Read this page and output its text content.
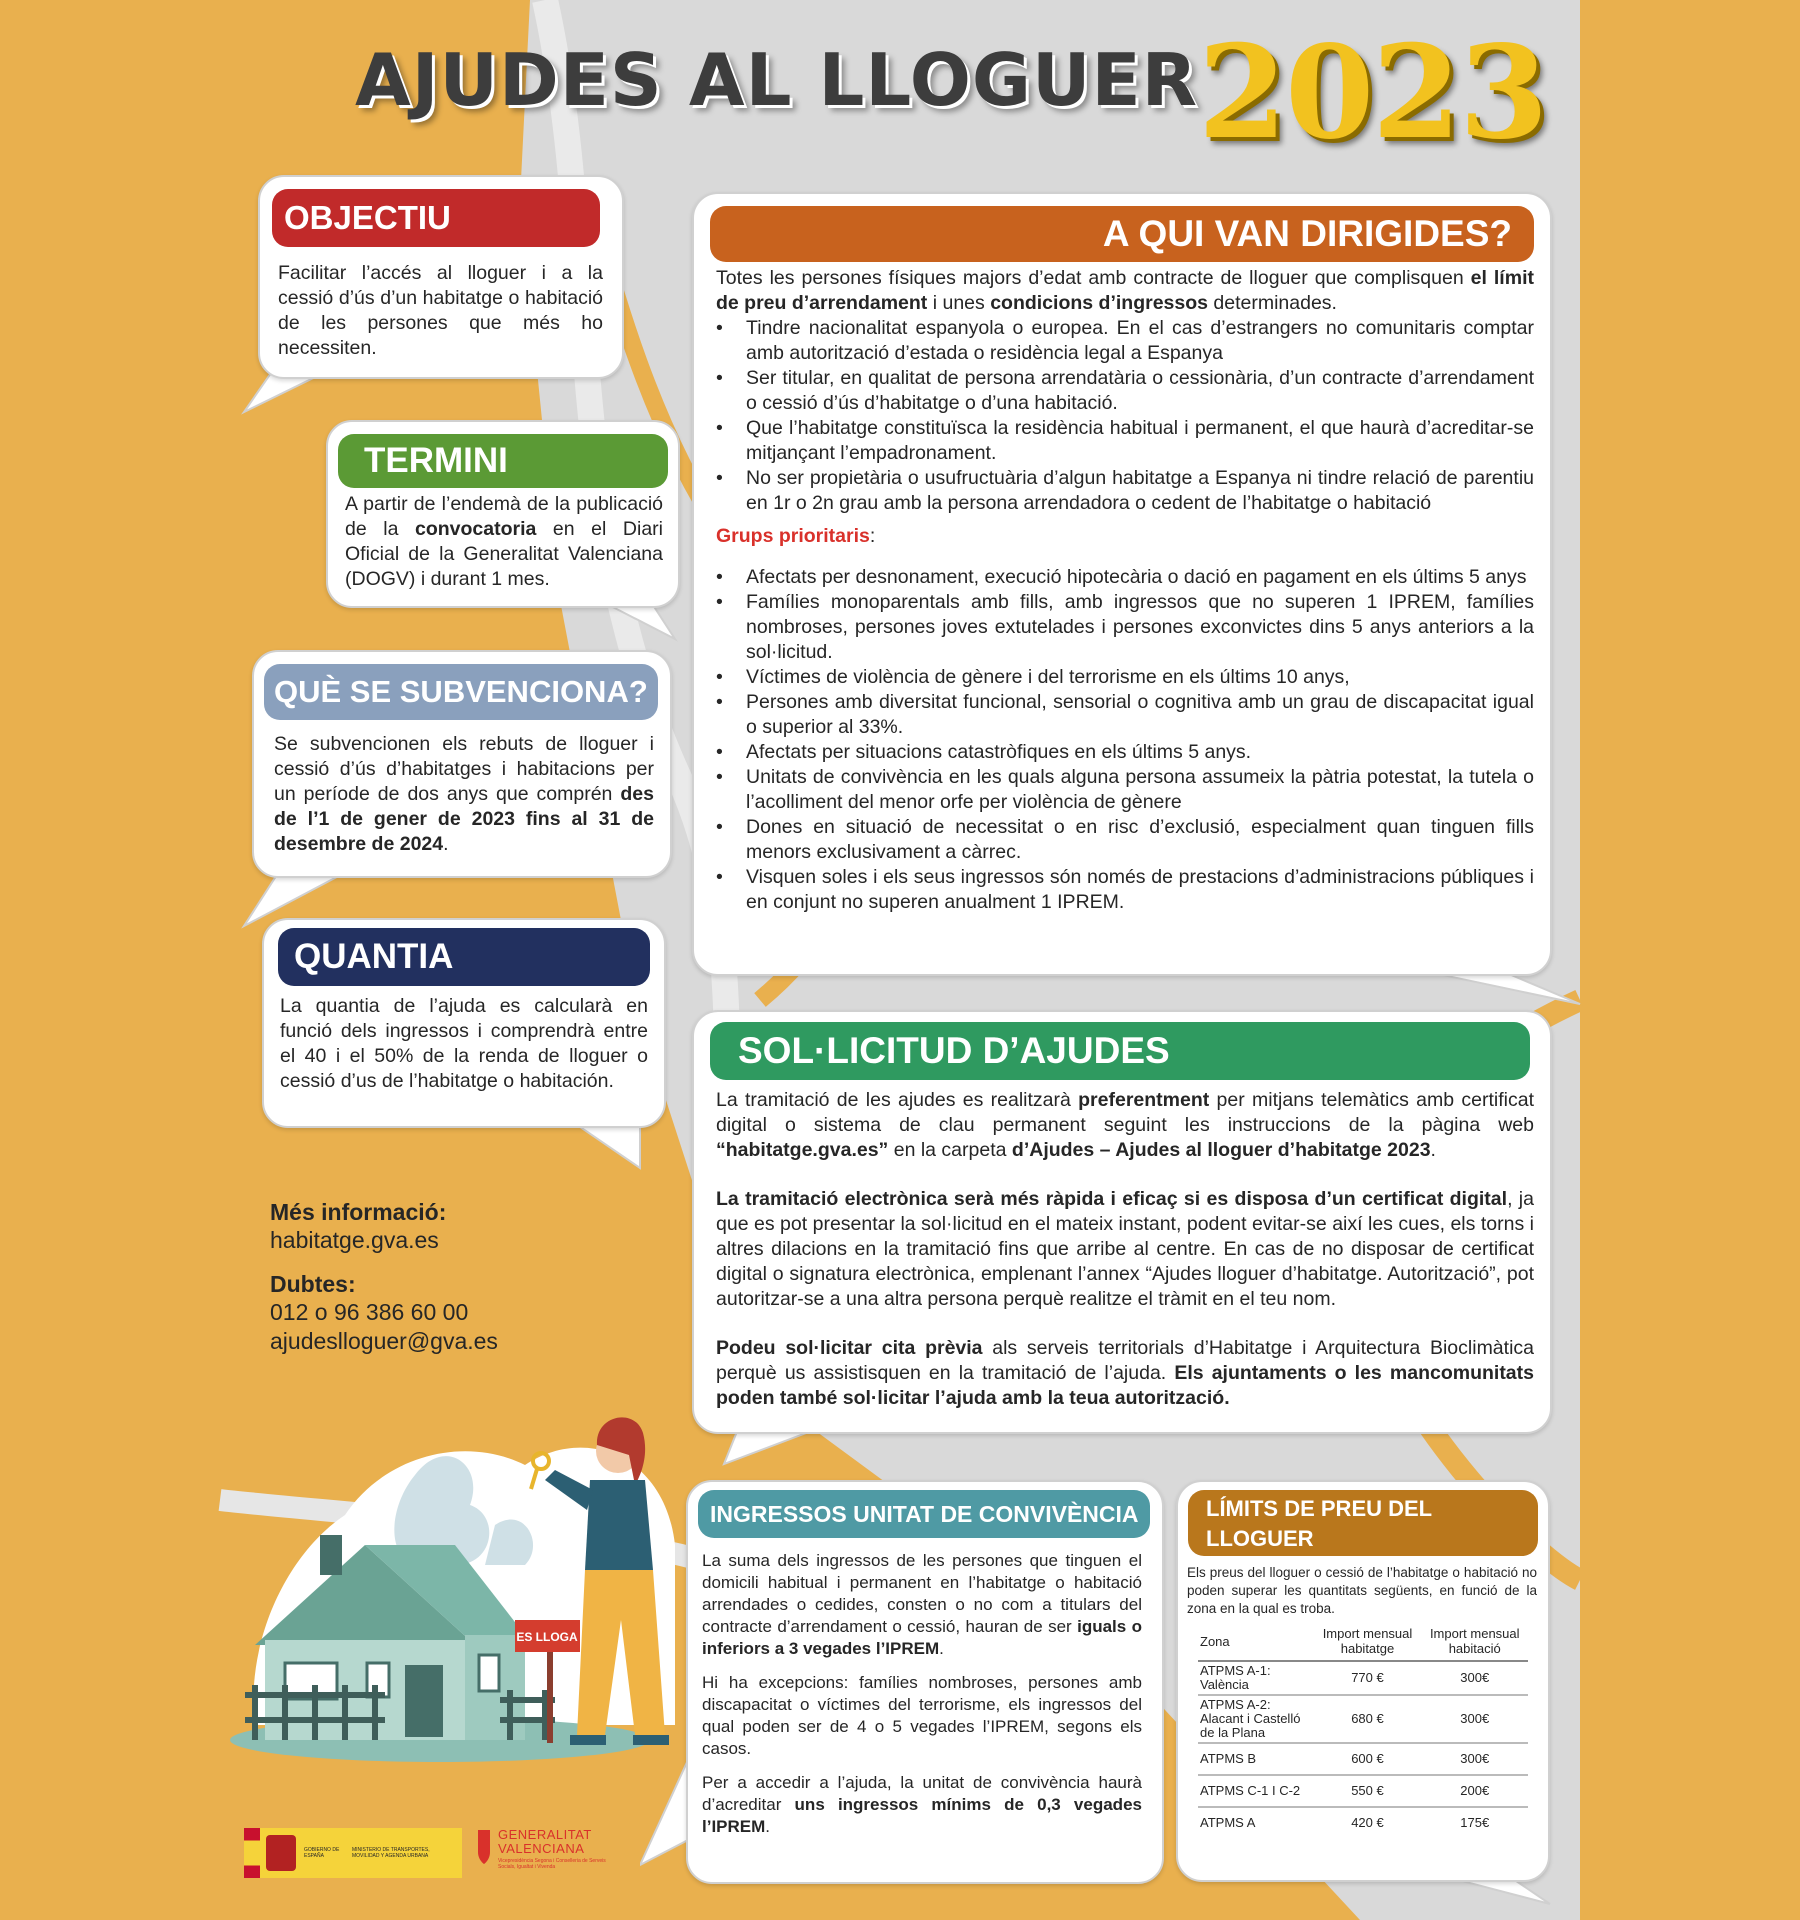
AJUDES AL LLOGUER 2023
OBJECTIU
Facilitar l’accés al lloguer i a la cessió d’ús d’un habitatge o habitació de les persones que més ho necessiten.
TERMINI
A partir de l’endemà de la publicació de la convocatoria en el Diari Oficial de la Generalitat Valenciana (DOGV) i durant 1 mes.
QUÈ SE SUBVENCIONA?
Se subvencionen els rebuts de lloguer i cessió d’ús d’habitatges i habitacions per un període de dos anys que comprén des de l’1 de gener de 2023 fins al 31 de desembre de 2024.
QUANTIA
La quantia de l’ajuda es calcularà en funció dels ingressos i comprendrà entre el 40 i el 50% de la renda de lloguer o cessió d’us de l’habitatge o habitación.
Més informació:
habitatge.gva.es
Dubtes:
012 o 96 386 60 00
ajudeslloguer@gva.es
A QUI VAN DIRIGIDES?
Totes les persones físiques majors d’edat amb contracte de lloguer que complisquen el límit de preu d’arrendament i unes condicions d’ingressos determinades.
• Tindre nacionalitat espanyola o europea. En el cas d’estrangers no comunitaris comptar amb autorització d’estada o residència legal a Espanya
• Ser titular, en qualitat de persona arrendatària o cessionària, d’un contracte d’arrendament o cessió d’ús d’habitatge o d’una habitació.
• Que l’habitatge constituïsca la residència habitual i permanent, el que haurà d’acreditar-se mitjançant l’empadronament.
• No ser propietària o usufructuària d’algun habitatge a Espanya ni tindre relació de parentiu en 1r o 2n grau amb la persona arrendadora o cedent de l’habitatge o habitació
Grups prioritaris:
• Afectats per desnonament, execució hipotecària o dació en pagament en els últims 5 anys
• Famílies monoparentals amb fills, amb ingressos que no superen 1 IPREM, famílies nombroses, persones joves extutelades i persones exconvictes dins 5 anys anteriors a la sol·licitud.
• Víctimes de violència de gènere i del terrorisme en els últims 10 anys,
• Persones amb diversitat funcional, sensorial o cognitiva amb un grau de discapacitat igual o superior al 33%.
• Afectats per situacions catastròfiques en els últims 5 anys.
• Unitats de convivència en les quals alguna persona assumeix la pàtria potestat, la tutela o l’acolliment del menor orfe per violència de gènere
• Dones en situació de necessitat o en risc d’exclusió, especialment quan tinguen fills menors exclusivament a càrrec.
• Visquen soles i els seus ingressos són només de prestacions d’administracions públiques i en conjunt no superen anualment 1 IPREM.
SOL·LICITUD D’AJUDES
La tramitació de les ajudes es realitzarà preferentment per mitjans telemàtics amb certificat digital o sistema de clau permanent seguint les instruccions de la pàgina web “habitatge.gva.es” en la carpeta d’Ajudes – Ajudes al lloguer d’habitatge 2023.
La tramitació electrònica serà més ràpida i eficaç si es disposa d’un certificat digital, ja que es pot presentar la sol·licitud en el mateix instant, podent evitar-se així les cues, els torns i altres dilacions en la tramitació fins que arribe al centre. En cas de no disposar de certificat digital o signatura electrònica, emplenant l’annex “Ajudes lloguer d’habitatge. Autorització”, pot autoritzar-se a una altra persona perquè realitze el tràmit en el teu nom.
Podeu sol·licitar cita prèvia als serveis territorials d’Habitatge i Arquitectura Bioclimàtica perquè us assistisquen en la tramitació de l’ajuda. Els ajuntaments o les mancomunitats poden també sol·licitar l’ajuda amb la teua autorització.
ES LLOGA
INGRESSOS UNITAT DE CONVIVÈNCIA
La suma dels ingressos de les persones que tinguen el domicili habitual i permanent en l’habitatge o habitació arrendades o cedides, consten o no com a titulars del contracte d’arrendament o cessió, hauran de ser iguals o inferiors a 3 vegades l’IPREM.
Hi ha excepcions: famílies nombroses, persones amb discapacitat o víctimes del terrorisme, els ingressos del qual poden ser de 4 o 5 vegades l’IPREM, segons els casos.
Per a accedir a l’ajuda, la unitat de convivència haurà d’acreditar uns ingressos mínims de 0,3 vegades l’IPREM.
LÍMITS DE PREU DEL
LLOGUER
Els preus del lloguer o cessió de l’habitatge o habitació no poden superar les quantitats següents, en funció de la zona en la qual es troba.
Zona	Import mensual habitatge	Import mensual habitació
ATPMS A-1: València	770 €	300€
ATPMS A-2: Alacant i Castelló de la Plana	680 €	300€
ATPMS B	600 €	300€
ATPMS C-1 I C-2	550 €	200€
ATPMS A	420 €	175€
GOBIERNO DE ESPAÑA
MINISTERIO DE TRANSPORTES, MOVILIDAD Y AGENDA URBANA
GENERALITAT
VALENCIANA
Vicepresidència Segona i Conselleria de Serveis Socials, Igualtat i Vivenda
